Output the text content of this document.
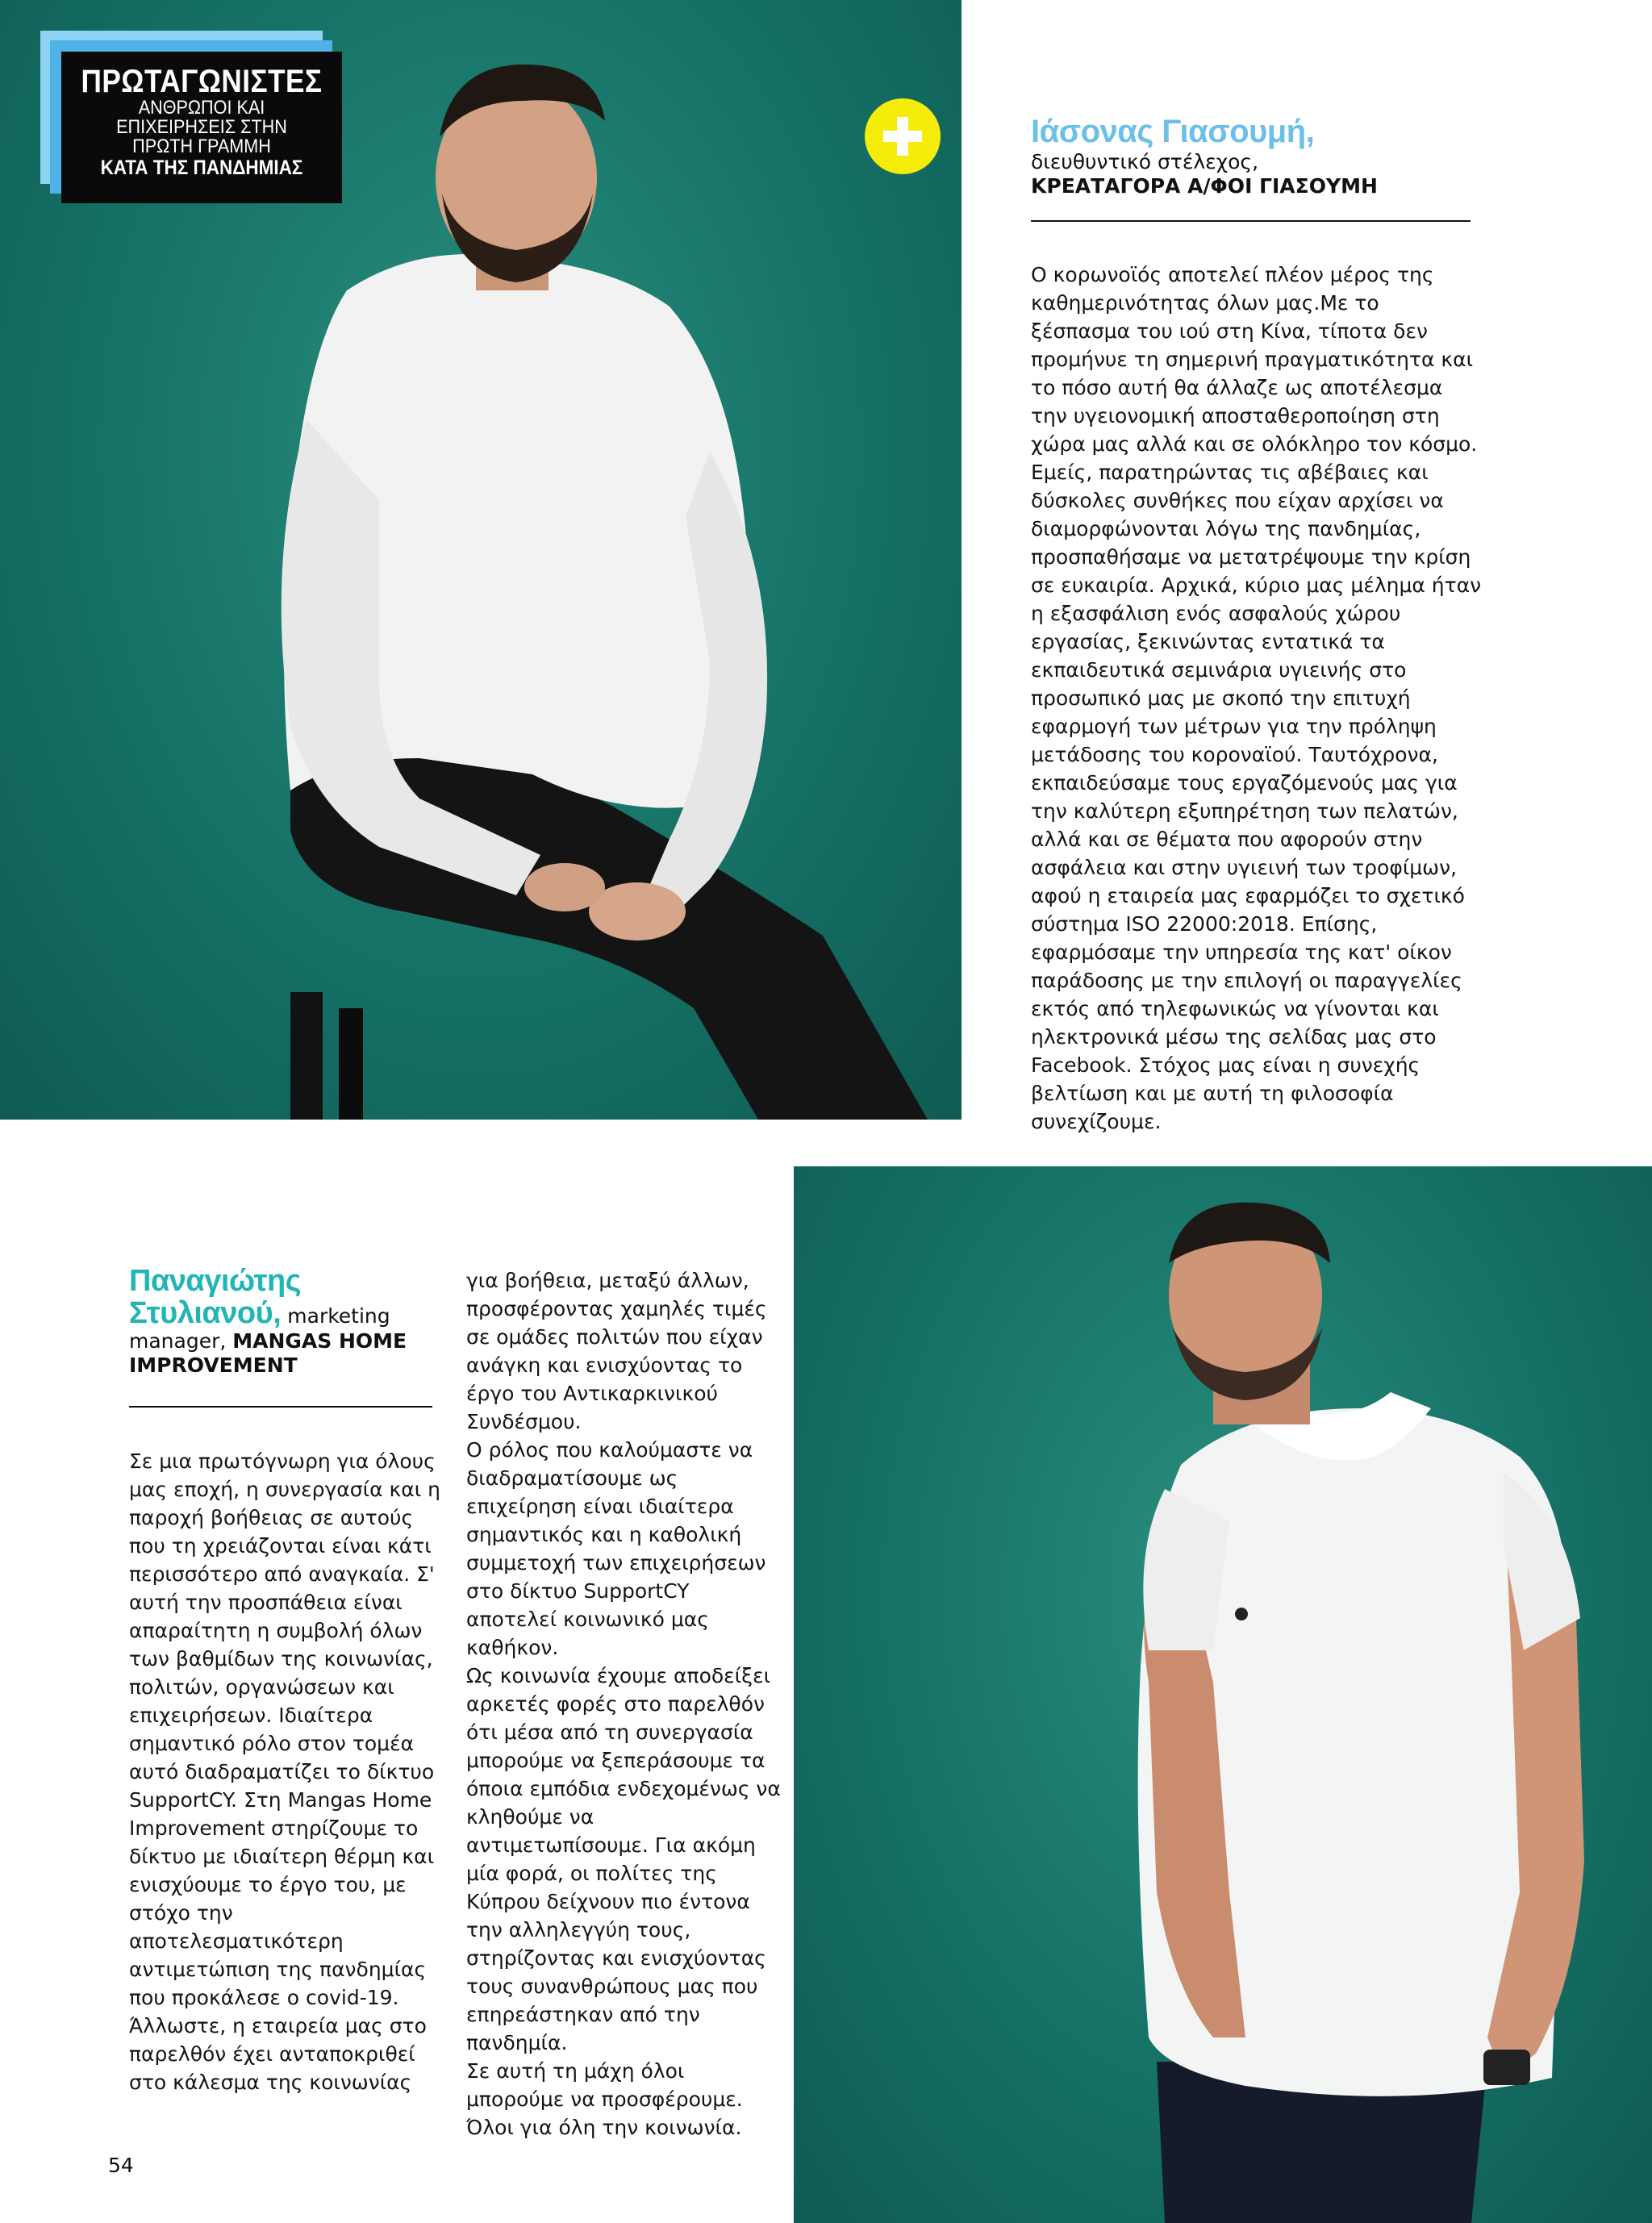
ΠΡΩΤΑΓΩΝΙΣΤΕΣ
ΑΝΘΡΩΠΟΙ ΚΑΙ
ΕΠΙΧΕΙΡΗΣΕΙΣ ΣΤΗΝ
ΠΡΩΤΗ ΓΡΑΜΜΗ
ΚΑΤΑ ΤΗΣ ΠΑΝΔΗΜΙΑΣ
Ιάσονας Γιασουμή,
διευθυντικό στέλεχος,
ΚΡΕΑΤΑΓΟΡΑ Α/ΦΟΙ ΓΙΑΣΟΥΜΗ

Ο κορωνοϊός αποτελεί πλέον μέρος της καθημερινότητας όλων μας.Με το ξέσπασμα του ιού στη Κίνα, τίποτα δεν προμήνυε τη σημερινή πραγματικότητα και το πόσο αυτή θα άλλαζε ως αποτέλεσμα την υγειονομική αποσταθεροποίηση στη χώρα μας αλλά και σε ολόκληρο τον κόσμο. Εμείς, παρατηρώντας τις αβέβαιες και δύσκολες συνθήκες που είχαν αρχίσει να διαμορφώνονται λόγω της πανδημίας, προσπαθήσαμε να μετατρέψουμε την κρίση σε ευκαιρία. Αρχικά, κύριο μας μέλημα ήταν η εξασφάλιση ενός ασφαλούς χώρου εργασίας, ξεκινώντας εντατικά τα εκπαιδευτικά σεμινάρια υγιεινής στο προσωπικό μας με σκοπό την επιτυχή εφαρμογή των μέτρων για την πρόληψη μετάδοσης του κοροναϊού. Ταυτόχρονα, εκπαιδεύσαμε τους εργαζόμενούς μας για την καλύτερη εξυπηρέτηση των πελατών, αλλά και σε θέματα που αφορούν στην ασφάλεια και στην υγιεινή των τροφίμων, αφού η εταιρεία μας εφαρμόζει το σχετικό σύστημα ISO 22000:2018. Επίσης, εφαρμόσαμε την υπηρεσία της κατ' οίκον παράδοσης με την επιλογή οι παραγγελίες εκτός από τηλεφωνικώς να γίνονται και ηλεκτρονικά μέσω της σελίδας μας στο Facebook. Στόχος μας είναι η συνεχής βελτίωση και με αυτή τη φιλοσοφία συνεχίζουμε.

Παναγιώτης Στυλιανού, marketing manager, MANGAS HOME IMPROVEMENT

Σε μια πρωτόγνωρη για όλους μας εποχή, η συνεργασία και η παροχή βοήθειας σε αυτούς που τη χρειάζονται είναι κάτι περισσότερο από αναγκαία. Σ' αυτή την προσπάθεια είναι απαραίτητη η συμβολή όλων των βαθμίδων της κοινωνίας, πολιτών, οργανώσεων και επιχειρήσεων. Ιδιαίτερα σημαντικό ρόλο στον τομέα αυτό διαδραματίζει το δίκτυο SupportCY. Στη Mangas Home Improvement στηρίζουμε το δίκτυο με ιδιαίτερη θέρμη και ενισχύουμε το έργο του, με στόχο την αποτελεσματικότερη αντιμετώπιση της πανδημίας που προκάλεσε ο covid-19. Άλλωστε, η εταιρεία μας στο παρελθόν έχει ανταποκριθεί στο κάλεσμα της κοινωνίας

για βοήθεια, μεταξύ άλλων, προσφέροντας χαμηλές τιμές σε ομάδες πολιτών που είχαν ανάγκη και ενισχύοντας το έργο του Αντικαρκινικού Συνδέσμου.

Ο ρόλος που καλούμαστε να διαδραματίσουμε ως επιχείρηση είναι ιδιαίτερα σημαντικός και η καθολική συμμετοχή των επιχειρήσεων στο δίκτυο SupportCY αποτελεί κοινωνικό μας καθήκον.

Ως κοινωνία έχουμε αποδείξει αρκετές φορές στο παρελθόν ότι μέσα από τη συνεργασία μπορούμε να ξεπεράσουμε τα όποια εμπόδια ενδεχομένως να κληθούμε να αντιμετωπίσουμε. Για ακόμη μία φορά, οι πολίτες της Κύπρου δείχνουν πιο έντονα την αλληλεγγύη τους, στηρίζοντας και ενισχύοντας τους συνανθρώπους μας που επηρεάστηκαν από την πανδημία.

Σε αυτή τη μάχη όλοι μπορούμε να προσφέρουμε. Όλοι για όλη την κοινωνία.

54
